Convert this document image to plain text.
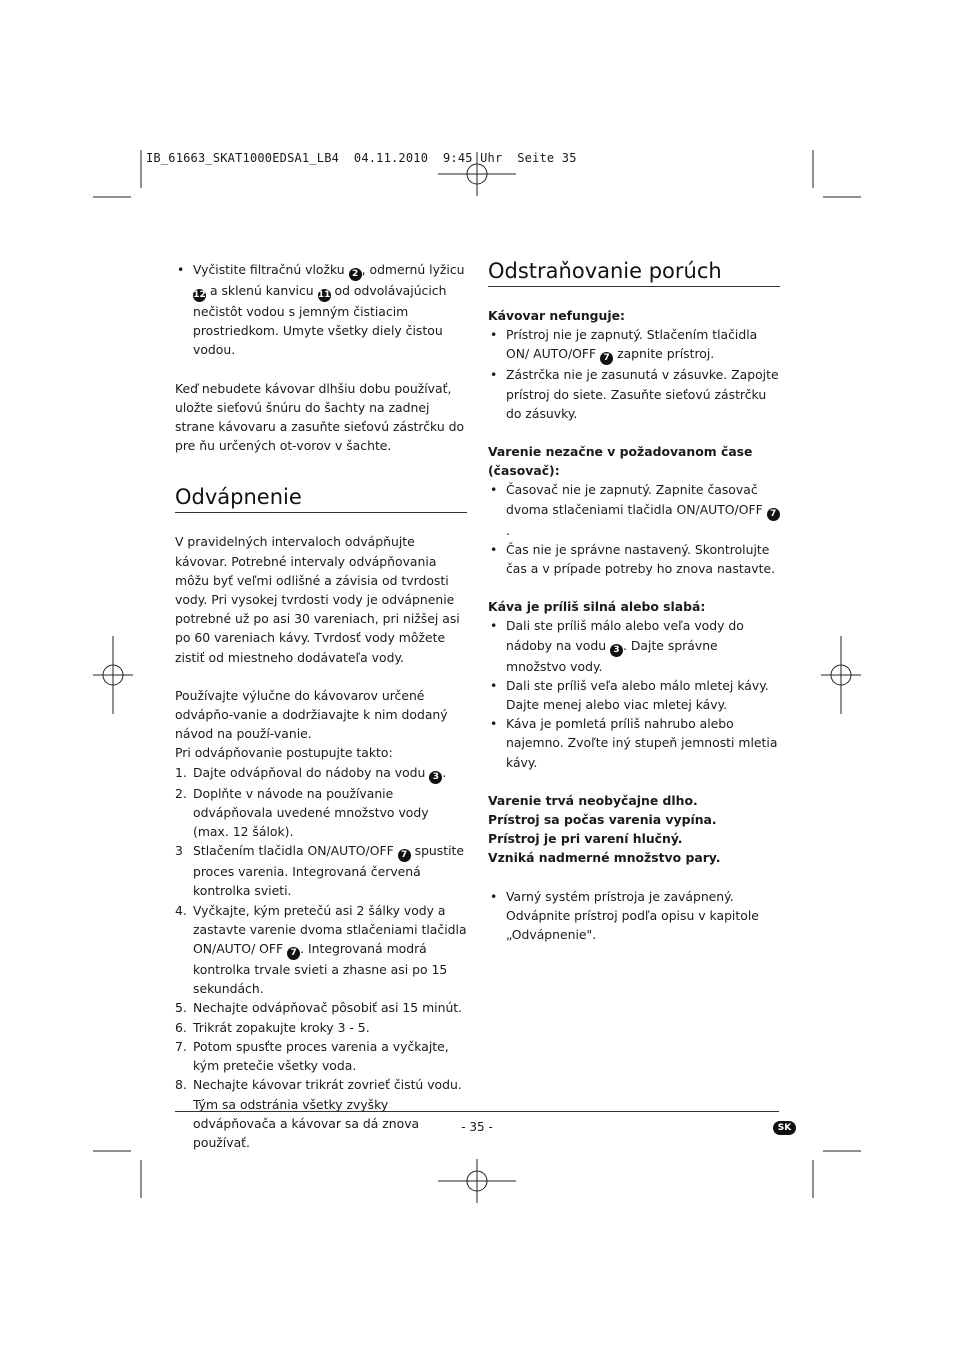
IB_61663_SKAT1000EDSA1_LB4  04.11.2010  9:45 Uhr  Seite 35
• Vyčistite filtračnú vložku 2 , odmernú lyžicu 12 a sklenú kanvicu 11 od odvolávajúcich nečistôt vodou s jemným čistiacim prostriedkom. Umyte všetky diely čistou vodou.

Keď nebudete kávovar dlhšiu dobu používať, uložte sieťovú šnúru do šachty na zadnej strane kávovaru a zasuňte sieťovú zástrčku do pre ňu určených ot-vorov v šachte.

Odvápnenie

V pravidelných intervaloch odvápňujte kávovar. Potrebné intervaly odvápňovania môžu byť veľmi odlišné a závisia od tvrdosti vody. Pri vysokej tvrdosti vody je odvápnenie potrebné už po asi 30 vareniach, pri nižšej asi po 60 vareniach kávy. Tvrdosť vody môžete zistiť od miestneho dodávateľa vody.

Používajte výlučne do kávovarov určené odvápňo-vanie a dodržiavajte k nim dodaný návod na použí-vanie.

Pri odvápňovanie postupujte takto:

1. Dajte odvápňoval do nádoby na vodu 3 .
2. Doplňte v návode na používanie odvápňovala uvedené množstvo vody (max. 12 šálok).
3 Stlačením tlačidla ON/AUTO/OFF 7 spustite proces varenia. Integrovaná červená kontrolka svieti.
4. Vyčkajte, kým pretečú asi 2 šálky vody a zastavte varenie dvoma stlačeniami tlačidla ON/AUTO/ OFF 7 . Integrovaná modrá kontrolka trvale svieti a zhasne asi po 15 sekundách.
5. Nechajte odvápňovač pôsobiť asi 15 minút.
6. Trikrát zopakujte kroky 3 - 5.
7. Potom spusťte proces varenia a vyčkajte, kým pretečie všetky voda.
8. Nechajte kávovar trikrát zovrieť čistú vodu. Tým sa odstránia všetky zvyšky odvápňovača a kávovar sa dá znova používať.
Odstraňovanie porúch

Kávovar nefunguje:

• Prístroj nie je zapnutý. Stlačením tlačidla ON/ AUTO/OFF 7 zapnite prístroj.
• Zástrčka nie je zasunutá v zásuvke. Zapojte prístroj do siete. Zasuňte sieťovú zástrčku do zásuvky.

Varenie nezačne v požadovanom čase (časovač):

• Časovač nie je zapnutý. Zapnite časovač dvoma stlačeniami tlačidla ON/AUTO/OFF 7.
• Čas nie je správne nastavený. Skontrolujte čas a v prípade potreby ho znova nastavte.

Káva je príliš silná alebo slabá:

• Dali ste príliš málo alebo veľa vody do nádoby na vodu 3 . Dajte správne množstvo vody.
• Dali ste príliš veľa alebo málo mletej kávy. Dajte menej alebo viac mletej kávy.
• Káva je pomletá príliš nahrubo alebo najemno. Zvoľte iný stupeň jemnosti mletia kávy.

Varenie trvá neobyčajne dlho.

Prístroj sa počas varenia vypína.

Prístroj je pri varení hlučný.

Vzniká nadmerné množstvo pary.

• Varný systém prístroja je zavápnený. Odvápnite prístroj podľa opisu v kapitole „Odvápnenie".
- 35 -	SK
